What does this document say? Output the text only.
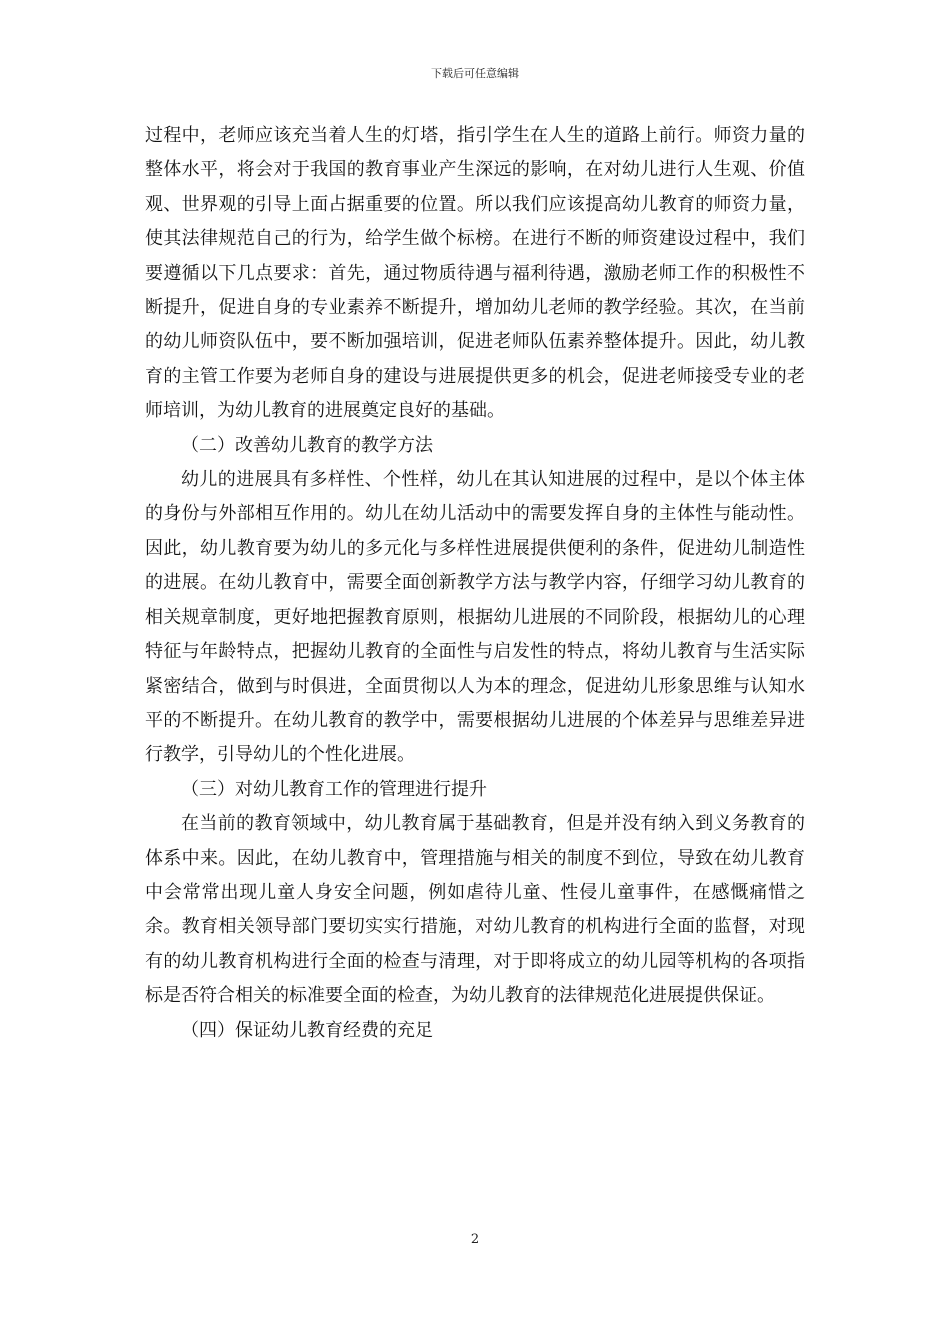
下载后可任意编辑

过程中，老师应该充当着人生的灯塔，指引学生在人生的道路上前行。师资力量的整体水平，将会对于我国的教育事业产生深远的影响，在对幼儿进行人生观、价值观、世界观的引导上面占据重要的位置。所以我们应该提高幼儿教育的师资力量，使其法律规范自己的行为，给学生做个标榜。在进行不断的师资建设过程中，我们要遵循以下几点要求：首先，通过物质待遇与福利待遇，激励老师工作的积极性不断提升，促进自身的专业素养不断提升，增加幼儿老师的教学经验。其次，在当前的幼儿师资队伍中，要不断加强培训，促进老师队伍素养整体提升。因此，幼儿教育的主管工作要为老师自身的建设与进展提供更多的机会，促进老师接受专业的老师培训，为幼儿教育的进展奠定良好的基础。

（二）改善幼儿教育的教学方法

幼儿的进展具有多样性、个性样，幼儿在其认知进展的过程中，是以个体主体的身份与外部相互作用的。幼儿在幼儿活动中的需要发挥自身的主体性与能动性。因此，幼儿教育要为幼儿的多元化与多样性进展提供便利的条件，促进幼儿制造性的进展。在幼儿教育中，需要全面创新教学方法与教学内容，仔细学习幼儿教育的相关规章制度，更好地把握教育原则，根据幼儿进展的不同阶段，根据幼儿的心理特征与年龄特点，把握幼儿教育的全面性与启发性的特点，将幼儿教育与生活实际紧密结合，做到与时俱进，全面贯彻以人为本的理念，促进幼儿形象思维与认知水平的不断提升。在幼儿教育的教学中，需要根据幼儿进展的个体差异与思维差异进行教学，引导幼儿的个性化进展。

（三）对幼儿教育工作的管理进行提升

在当前的教育领域中，幼儿教育属于基础教育，但是并没有纳入到义务教育的体系中来。因此，在幼儿教育中，管理措施与相关的制度不到位，导致在幼儿教育中会常常出现儿童人身安全问题，例如虐待儿童、性侵儿童事件，在感慨痛惜之余。教育相关领导部门要切实实行措施，对幼儿教育的机构进行全面的监督，对现有的幼儿教育机构进行全面的检查与清理，对于即将成立的幼儿园等机构的各项指标是否符合相关的标准要全面的检查，为幼儿教育的法律规范化进展提供保证。

（四）保证幼儿教育经费的充足

2
